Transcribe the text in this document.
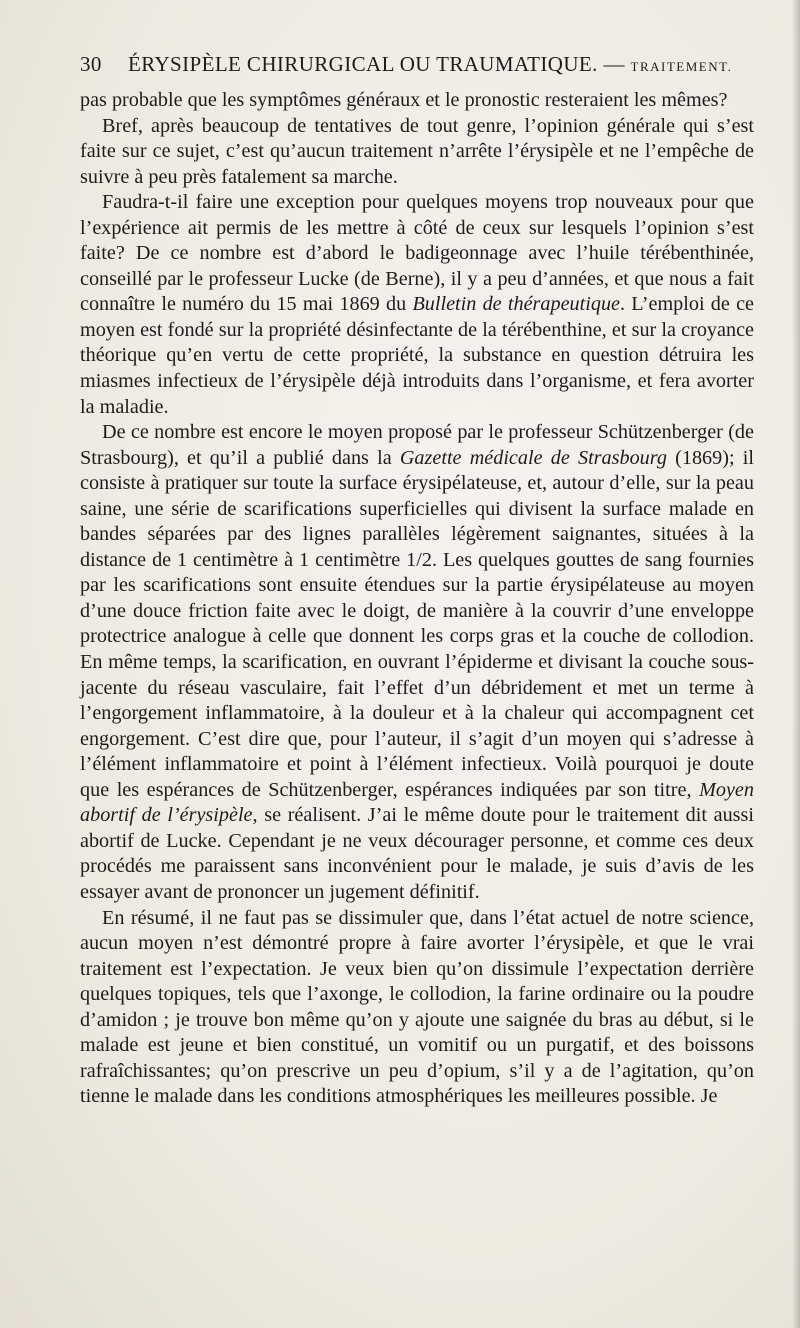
30 ÉRYSIPÈLE CHIRURGICAL OU TRAUMATIQUE. — TRAITEMENT.

pas probable que les symptômes généraux et le pronostic resteraient les mêmes?

Bref, après beaucoup de tentatives de tout genre, l’opinion générale qui s’est faite sur ce sujet, c’est qu’aucun traitement n’arrête l’érysipèle et ne l’empêche de suivre à peu près fatalement sa marche.

Faudra-t-il faire une exception pour quelques moyens trop nouveaux pour que l’expérience ait permis de les mettre à côté de ceux sur lesquels l’opinion s’est faite? De ce nombre est d’abord le badigeonnage avec l’huile térébenthinée, conseillé par le professeur Lucke (de Berne), il y a peu d’années, et que nous a fait connaître le numéro du 15 mai 1869 du Bulletin de thérapeutique. L’emploi de ce moyen est fondé sur la propriété désinfectante de la térébenthine, et sur la croyance théorique qu’en vertu de cette propriété, la substance en question détruira les miasmes infectieux de l’érysipèle déjà introduits dans l’organisme, et fera avorter la maladie.

De ce nombre est encore le moyen proposé par le professeur Schützenberger (de Strasbourg), et qu’il a publié dans la Gazette médicale de Strasbourg (1869); il consiste à pratiquer sur toute la surface érysipélateuse, et, autour d’elle, sur la peau saine, une série de scarifications superficielles qui divisent la surface malade en bandes séparées par des lignes parallèles légèrement saignantes, situées à la distance de 1 centimètre à 1 centimètre 1/2. Les quelques gouttes de sang fournies par les scarifications sont ensuite étendues sur la partie érysipélateuse au moyen d’une douce friction faite avec le doigt, de manière à la couvrir d’une enveloppe protectrice analogue à celle que donnent les corps gras et la couche de collodion. En même temps, la scarification, en ouvrant l’épiderme et divisant la couche sous-jacente du réseau vasculaire, fait l’effet d’un débridement et met un terme à l’engorgement inflammatoire, à la douleur et à la chaleur qui accompagnent cet engorgement. C’est dire que, pour l’auteur, il s’agit d’un moyen qui s’adresse à l’élément inflammatoire et point à l’élément infectieux. Voilà pourquoi je doute que les espérances de Schützenberger, espérances indiquées par son titre, Moyen abortif de l’érysipèle, se réalisent. J’ai le même doute pour le traitement dit aussi abortif de Lucke. Cependant je ne veux décourager personne, et comme ces deux procédés me paraissent sans inconvénient pour le malade, je suis d’avis de les essayer avant de prononcer un jugement définitif.

En résumé, il ne faut pas se dissimuler que, dans l’état actuel de notre science, aucun moyen n’est démontré propre à faire avorter l’érysipèle, et que le vrai traitement est l’expectation. Je veux bien qu’on dissimule l’expectation derrière quelques topiques, tels que l’axonge, le collodion, la farine ordinaire ou la poudre d’amidon ; je trouve bon même qu’on y ajoute une saignée du bras au début, si le malade est jeune et bien constitué, un vomitif ou un purgatif, et des boissons rafraîchissantes; qu’on prescrive un peu d’opium, s’il y a de l’agitation, qu’on tienne le malade dans les conditions atmosphériques les meilleures possible. Je
